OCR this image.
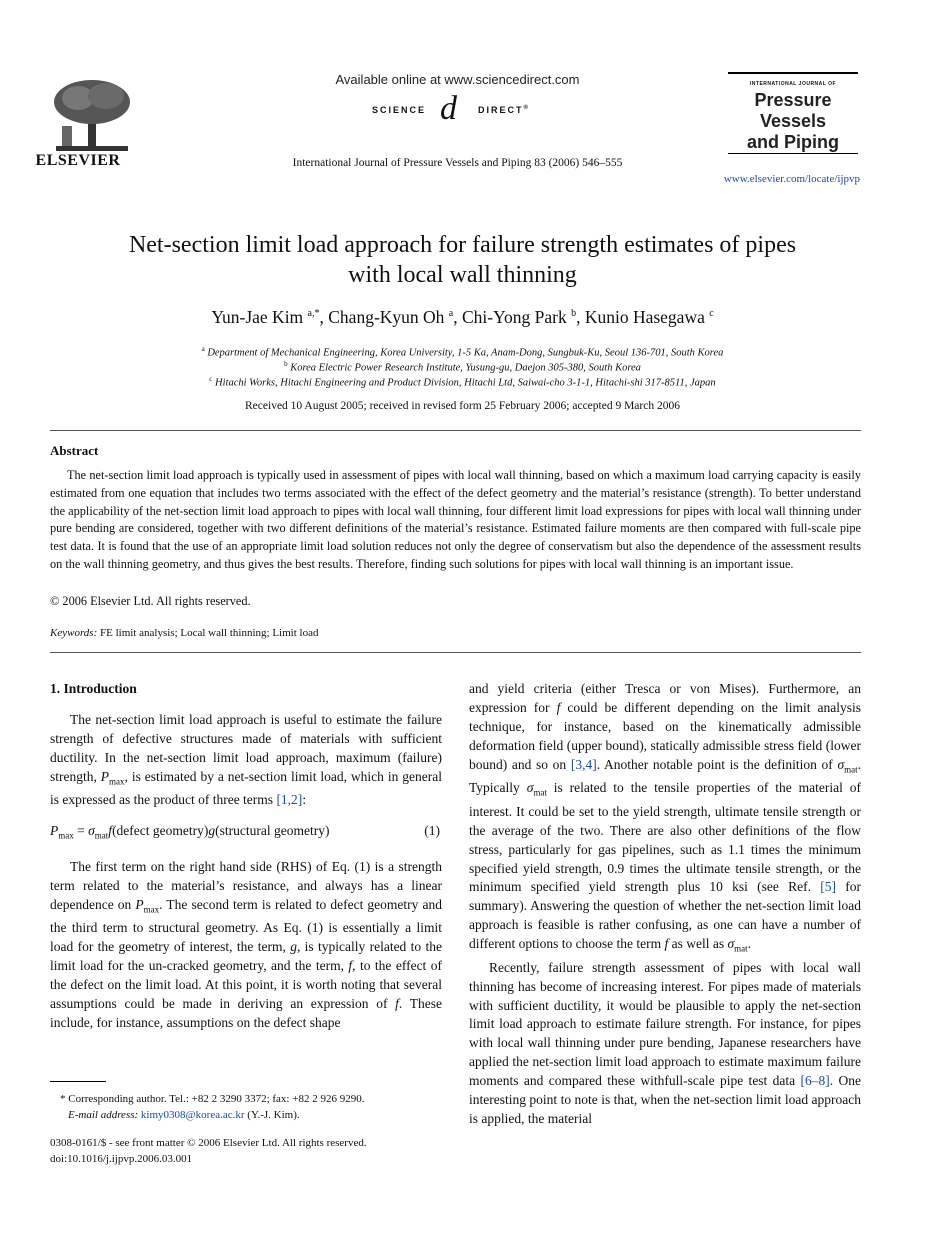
ELSEVIER
Available online at www.sciencedirect.com
SCIENCE d DIRECT®
International Journal of Pressure Vessels and Piping 83 (2006) 546–555
INTERNATIONAL JOURNAL OF
Pressure Vessels
and Piping
www.elsevier.com/locate/ijpvp
Net-section limit load approach for failure strength estimates of pipes
with local wall thinning
Yun-Jae Kim $^{a,*}$, Chang-Kyun Oh $^a$, Chi-Yong Park $^b$, Kunio Hasegawa $^c$
$^a$ Department of Mechanical Engineering, Korea University, 1-5 Ka, Anam-Dong, Sungbuk-Ku, Seoul 136-701, South Korea
$^b$ Korea Electric Power Research Institute, Yusung-gu, Daejon 305-380, South Korea
$^c$ Hitachi Works, Hitachi Engineering and Product Division, Hitachi Ltd, Saiwai-cho 3-1-1, Hitachi-shi 317-8511, Japan
Received 10 August 2005; received in revised form 25 February 2006; accepted 9 March 2006
Abstract
The net-section limit load approach is typically used in assessment of pipes with local wall thinning, based on which a maximum load carrying capacity is easily estimated from one equation that includes two terms associated with the effect of the defect geometry and the material’s resistance (strength). To better understand the applicability of the net-section limit load approach to pipes with local wall thinning, four different limit load expressions for pipes with local wall thinning under pure bending are considered, together with two different definitions of the material’s resistance. Estimated failure moments are then compared with full-scale pipe test data. It is found that the use of an appropriate limit load solution reduces not only the degree of conservatism but also the dependence of the assessment results on the wall thinning geometry, and thus gives the best results. Therefore, finding such solutions for pipes with local wall thinning is an important issue.
© 2006 Elsevier Ltd. All rights reserved.
Keywords: FE limit analysis; Local wall thinning; Limit load

1. Introduction

The net-section limit load approach is useful to estimate the failure strength of defective structures made of materials with sufficient ductility. In the net-section limit load approach, maximum (failure) strength, $P_{max}$, is estimated by a net-section limit load, which in general is expressed as the product of three terms [1,2]:

$P_{max}$ = $\sigma_{mat}f(defect$ geometry)g(structural geometry)	(1)

The first term on the right hand side (RHS) of Eq. (1) is a strength term related to the material’s resistance, and always has a linear dependence on $P_{max}$. The second term is related to defect geometry and the third term to structural geometry. As Eq. (1) is essentially a limit load for the geometry of interest, the term, g, is typically related to the limit load for the un-cracked geometry, and the term, f, to the effect of the defect on the limit load. At this point, it is worth noting that several assumptions could be made in deriving an expression of f. These include, for instance, assumptions on the defect shape

* Corresponding author. Tel.: +82 2 3290 3372; fax: +82 2 926 9290.
E-mail address: kimy0308@korea.ac.kr (Y.-J. Kim).
0308-0161/$ - see front matter © 2006 Elsevier Ltd. All rights reserved.
doi:10.1016/j.ijpvp.2006.03.001

and yield criteria (either Tresca or von Mises). Furthermore, an expression for f could be different depending on the limit analysis technique, for instance, based on the kinematically admissible deformation field (upper bound), statically admissible stress field (lower bound) and so on [3,4]. Another notable point is the definition of $\sigma_{mat}$. Typically $\sigma_{mat}$ is related to the tensile properties of the material of interest. It could be set to the yield strength, ultimate tensile strength or the average of the two. There are also other definitions of the flow stress, particularly for gas pipelines, such as 1.1 times the minimum specified yield strength, 0.9 times the ultimate tensile strength, or the minimum specified yield strength plus 10 ksi (see Ref. [5] for summary). Answering the question of whether the net-section limit load approach is feasible is rather confusing, as one can have a number of different options to choose the term f as well as $\sigma_{mat}$.

Recently, failure strength assessment of pipes with local wall thinning has become of increasing interest. For pipes made of materials with sufficient ductility, it would be plausible to apply the net-section limit load approach to estimate failure strength. For instance, for pipes with local wall thinning under pure bending, Japanese researchers have applied the net-section limit load approach to estimate maximum failure moments and compared these withfull-scale pipe test data [6–8]. One interesting point to note is that, when the net-section limit load approach is applied, the material
